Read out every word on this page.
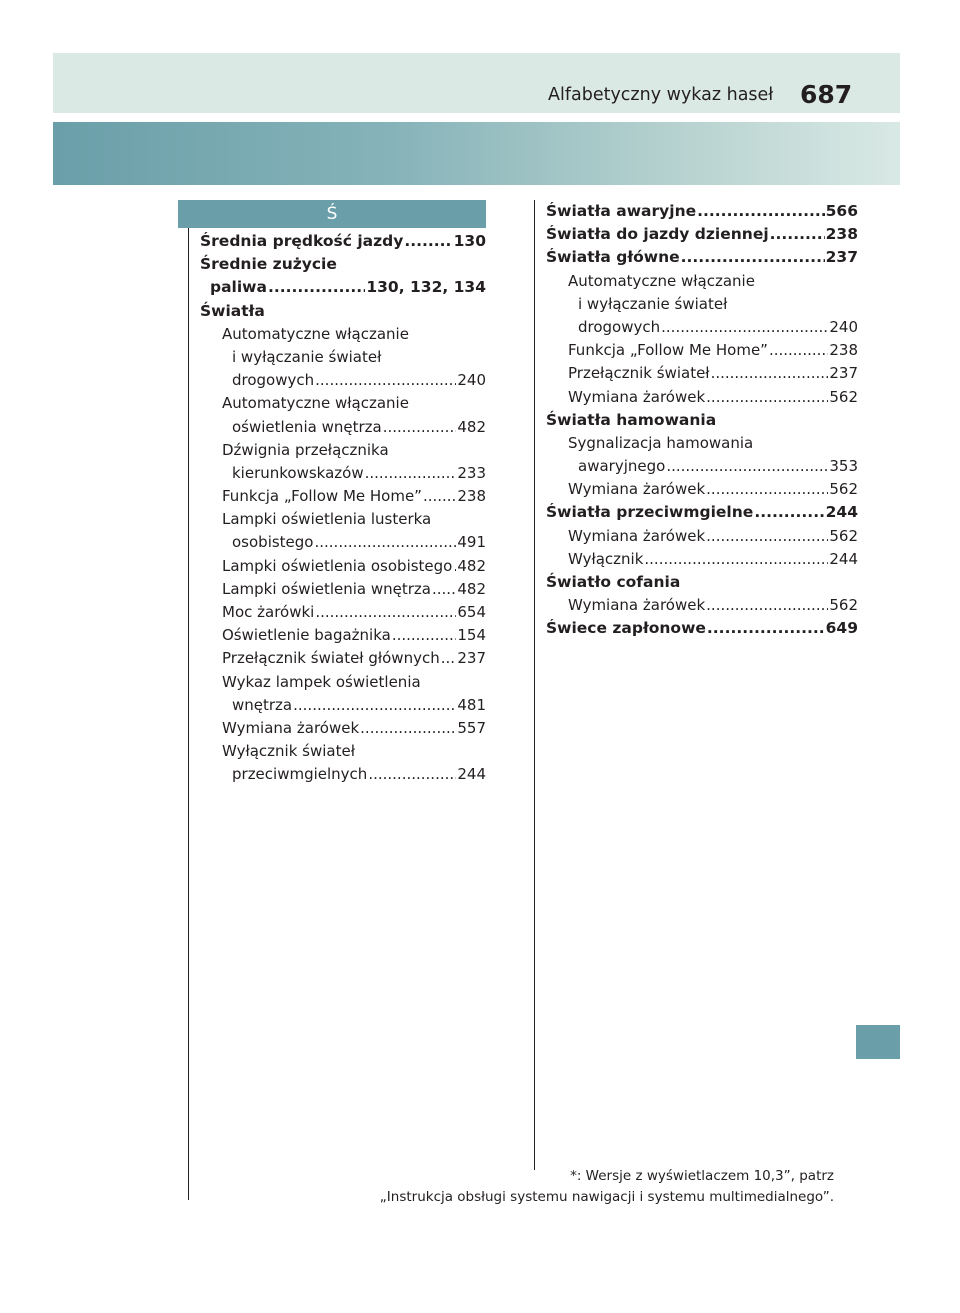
Alfabetyczny wykaz haseł 687
Ś
Średnia prędkość jazdy .....	130
Średnie zużycie
paliwa .....	130, 132, 134
Światła
Automatyczne włączanie
i wyłączanie świateł
drogowych .....	240
Automatyczne włączanie
oświetlenia wnętrza .....	482
Dźwignia przełącznika
kierunkowskazów .....	233
Funkcja „Follow Me Home” ..... 238
Lampki oświetlenia lusterka
osobistego .....	491
Lampki oświetlenia osobistego ..... 482
Lampki oświetlenia wnętrza ..... 482
Moc żarówki .....	654
Oświetlenie bagażnika .....	154
Przełącznik świateł głównych ..... 237
Wykaz lampek oświetlenia
wnętrza .....	481
Wymiana żarówek .....	557
Wyłącznik świateł
przeciwmgielnych .....	244
Światła awaryjne .....	566
Światła do jazdy dziennej .....	238
Światła główne .....	237
Automatyczne włączanie
i wyłączanie świateł
drogowych .....	240
Funkcja „Follow Me Home” .....	238
Przełącznik świateł .....	237
Wymiana żarówek .....	562
Światła hamowania
Sygnalizacja hamowania
awaryjnego .....	353
Wymiana żarówek .....	562
Światła przeciwmgielne .....	244
Wymiana żarówek .....	562
Wyłącznik .....	244
Światło cofania
Wymiana żarówek .....	562
Świece zapłonowe .....	649
*: Wersje z wyświetlaczem 10,3”, patrz
„Instrukcja obsługi systemu nawigacji i systemu multimedialnego”.
